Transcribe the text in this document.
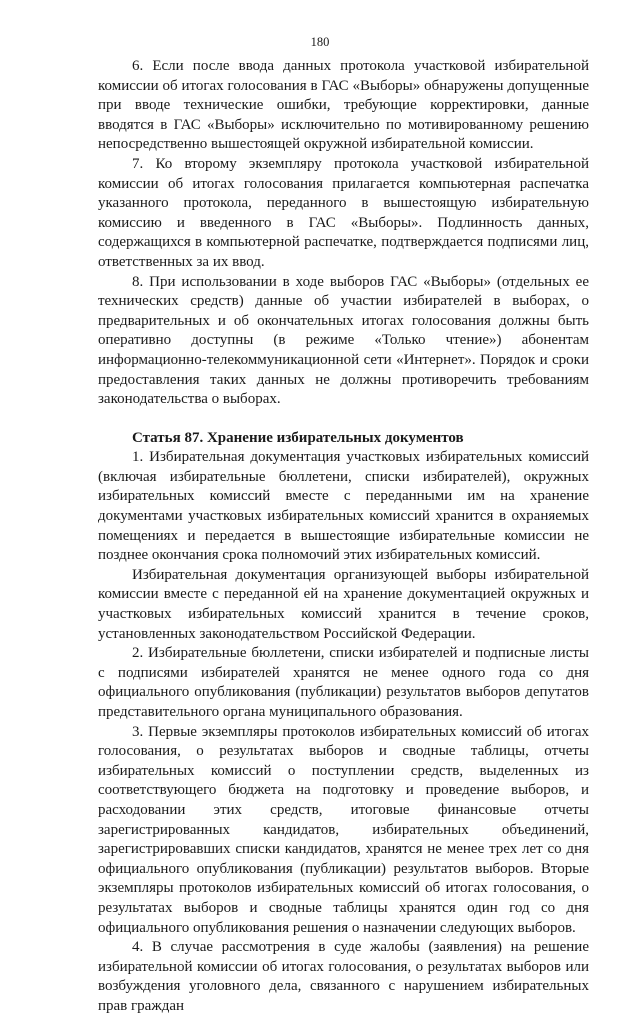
180

6. Если после ввода данных протокола участковой избирательной комиссии об итогах голосования в ГАС «Выборы» обнаружены допущенные при вводе технические ошибки, требующие корректировки, данные вводятся в ГАС «Выборы» исключительно по мотивированному решению непосредственно вышестоящей окружной избирательной комиссии.

7. Ко второму экземпляру протокола участковой избирательной комиссии об итогах голосования прилагается компьютерная распечатка указанного протокола, переданного в вышестоящую избирательную комиссию и введенного в ГАС «Выборы». Подлинность данных, содержащихся в компьютерной распечатке, подтверждается подписями лиц, ответственных за их ввод.

8. При использовании в ходе выборов ГАС «Выборы» (отдельных ее технических средств) данные об участии избирателей в выборах, о предварительных и об окончательных итогах голосования должны быть оперативно доступны (в режиме «Только чтение») абонентам информационно-телекоммуникационной сети «Интернет». Порядок и сроки предоставления таких данных не должны противоречить требованиям законодательства о выборах.

Статья 87. Хранение избирательных документов

1. Избирательная документация участковых избирательных комиссий (включая избирательные бюллетени, списки избирателей), окружных избирательных комиссий вместе с переданными им на хранение документами участковых избирательных комиссий хранится в охраняемых помещениях и передается в вышестоящие избирательные комиссии не позднее окончания срока полномочий этих избирательных комиссий.

Избирательная документация организующей выборы избирательной комиссии вместе с переданной ей на хранение документацией окружных и участковых избирательных комиссий хранится в течение сроков, установленных законодательством Российской Федерации.

2. Избирательные бюллетени, списки избирателей и подписные листы с подписями избирателей хранятся не менее одного года со дня официального опубликования (публикации) результатов выборов депутатов представительного органа муниципального образования.

3. Первые экземпляры протоколов избирательных комиссий об итогах голосования, о результатах выборов и сводные таблицы, отчеты избирательных комиссий о поступлении средств, выделенных из соответствующего бюджета на подготовку и проведение выборов, и расходовании этих средств, итоговые финансовые отчеты зарегистрированных кандидатов, избирательных объединений, зарегистрировавших списки кандидатов, хранятся не менее трех лет со дня официального опубликования (публикации) результатов выборов. Вторые экземпляры протоколов избирательных комиссий об итогах голосования, о результатах выборов и сводные таблицы хранятся один год со дня официального опубликования решения о назначении следующих выборов.

4. В случае рассмотрения в суде жалобы (заявления) на решение избирательной комиссии об итогах голосования, о результатах выборов или возбуждения уголовного дела, связанного с нарушением избирательных прав граждан
